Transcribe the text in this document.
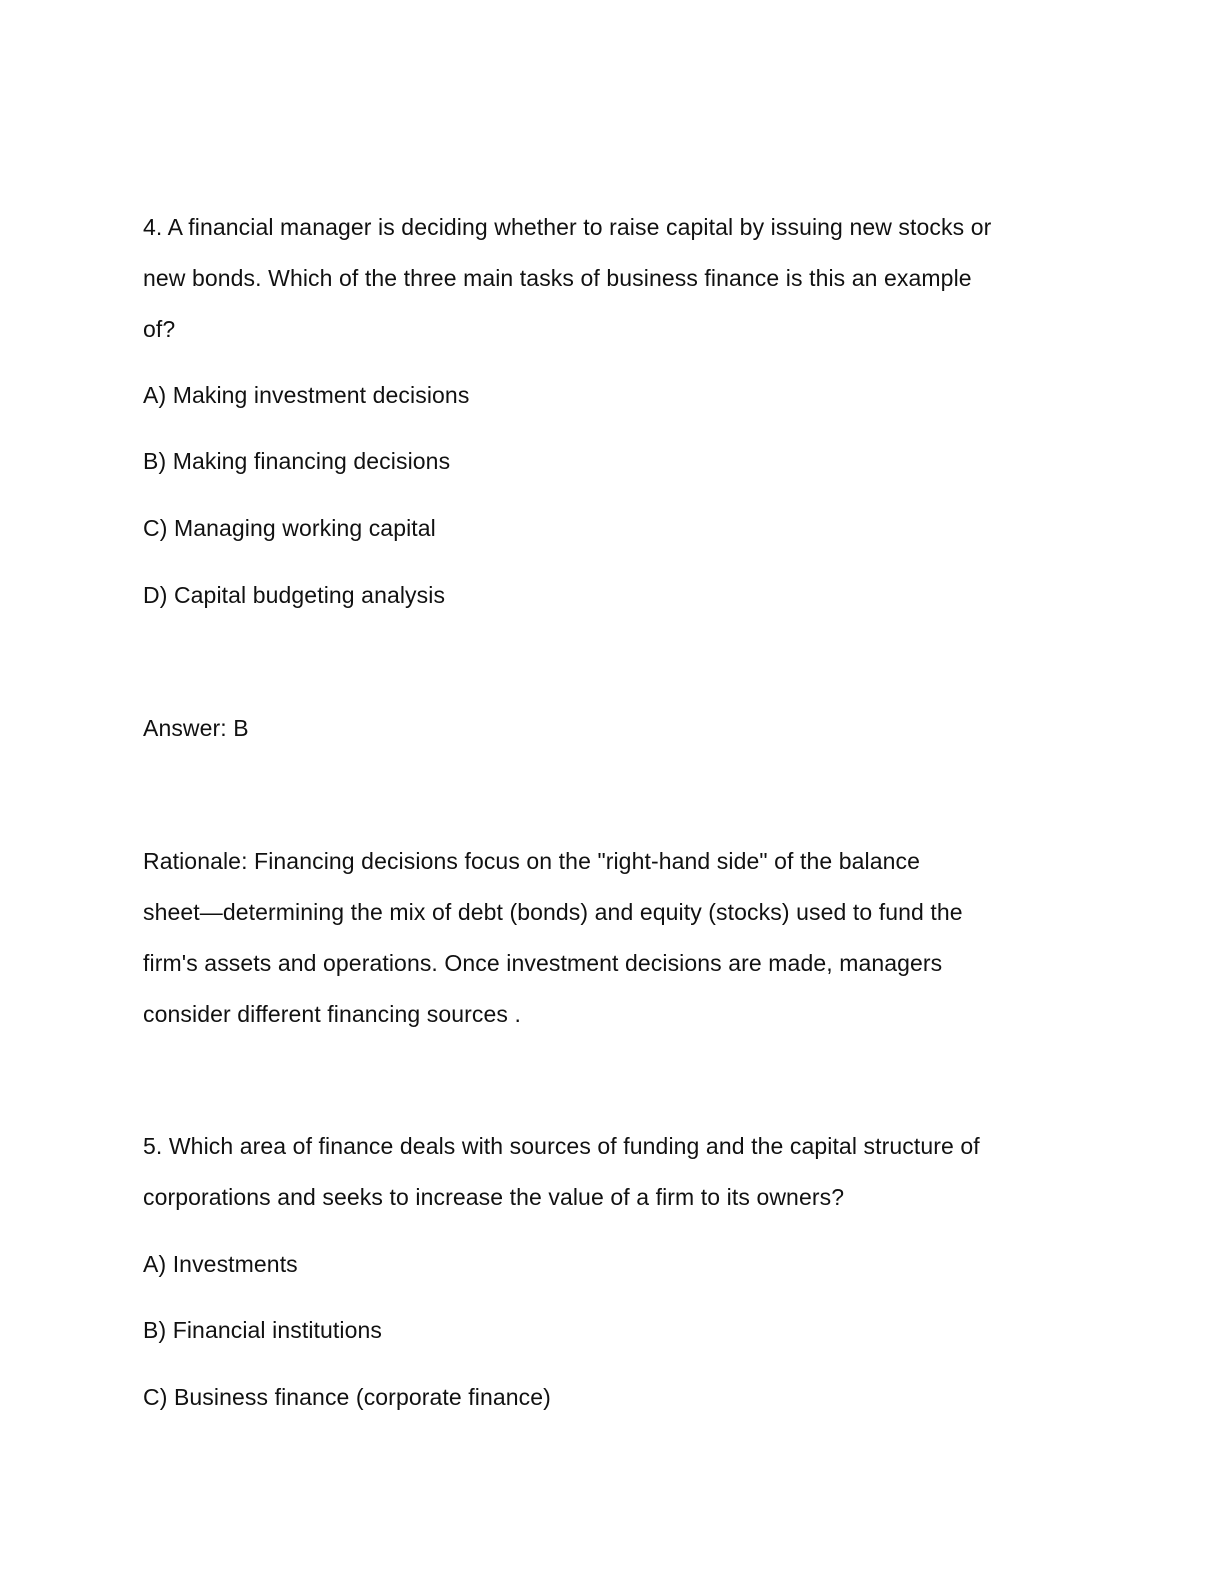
4. A financial manager is deciding whether to raise capital by issuing new stocks or
new bonds. Which of the three main tasks of business finance is this an example
of?
A) Making investment decisions
B) Making financing decisions
C) Managing working capital
D) Capital budgeting analysis
Answer: B
Rationale: Financing decisions focus on the "right-hand side" of the balance
sheet—determining the mix of debt (bonds) and equity (stocks) used to fund the
firm's assets and operations. Once investment decisions are made, managers
consider different financing sources .
5. Which area of finance deals with sources of funding and the capital structure of
corporations and seeks to increase the value of a firm to its owners?
A) Investments
B) Financial institutions
C) Business finance (corporate finance)
